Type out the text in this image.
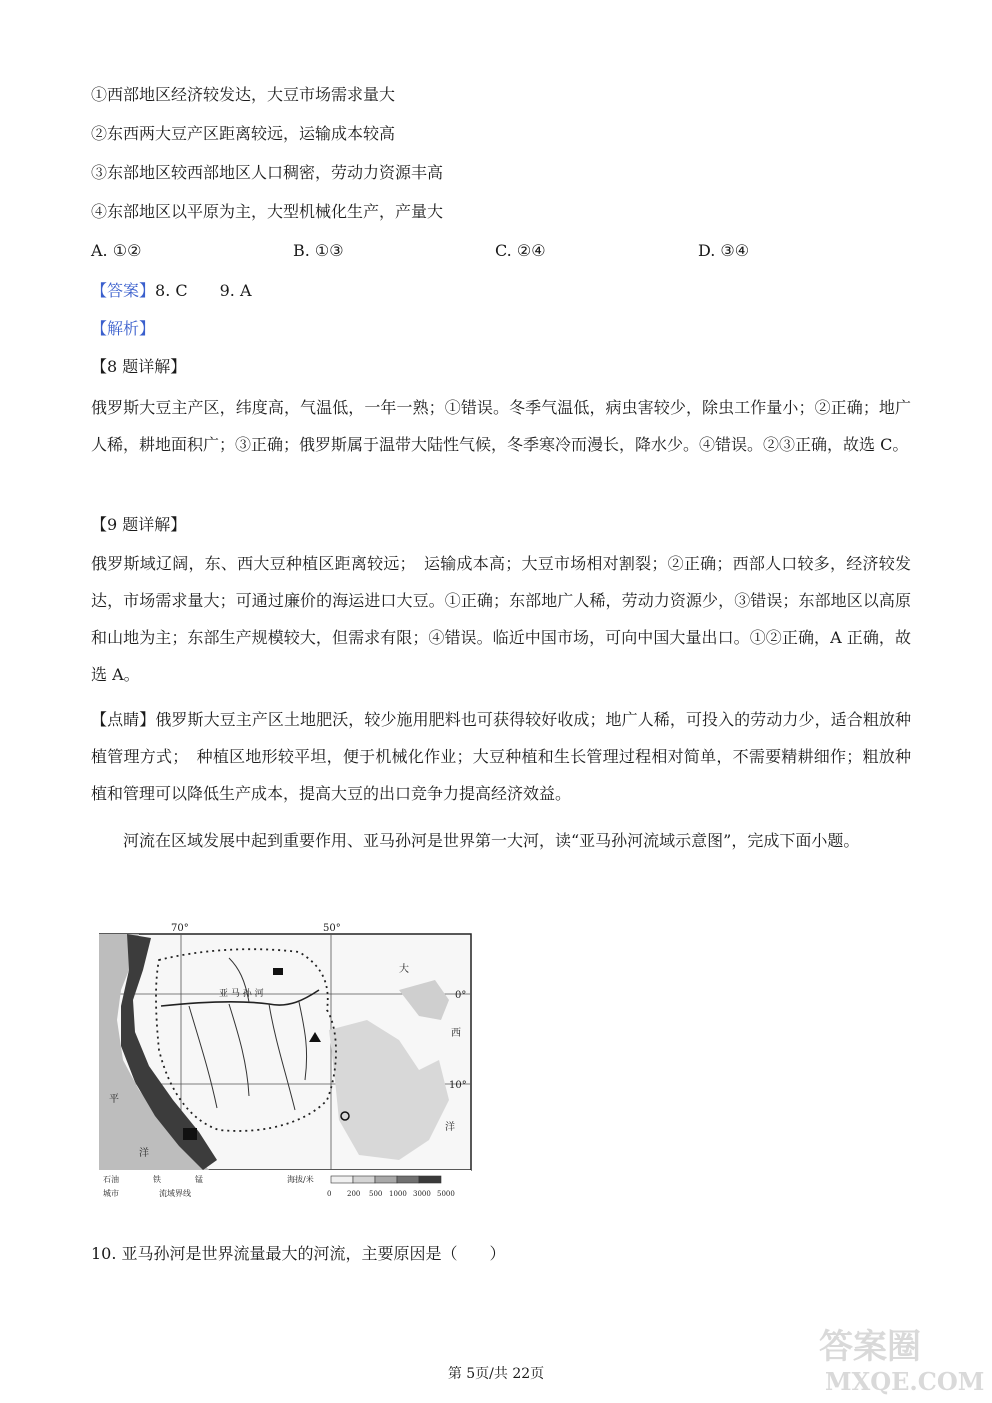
①西部地区经济较发达，大豆市场需求量大
②东西两大豆产区距离较远，运输成本较高
③东部地区较西部地区人口稠密，劳动力资源丰高
④东部地区以平原为主，大型机械化生产，产量大
A. ①②	B. ①③	C. ②④	D. ③④
【答案】8. C　　9. A
【解析】
【8 题详解】
俄罗斯大豆主产区，纬度高，气温低，一年一熟；①错误。冬季气温低，病虫害较少，除虫工作量小；②正确；地广人稀，耕地面积广；③正确；俄罗斯属于温带大陆性气候，冬季寒冷而漫长，降水少。④错误。②③正确，故选 C。
【9 题详解】
俄罗斯域辽阔，东、西大豆种植区距离较远；　运输成本高；大豆市场相对割裂；②正确；西部人口较多，经济较发达，市场需求量大；可通过廉价的海运进口大豆。①正确；东部地广人稀，劳动力资源少，③错误；东部地区以高原和山地为主；东部生产规模较大，但需求有限；④错误。临近中国市场，可向中国大量出口。①②正确，A 正确，故选 A。
【点睛】俄罗斯大豆主产区土地肥沃，较少施用肥料也可获得较好收成；地广人稀，可投入的劳动力少，适合粗放种植管理方式；　种植区地形较平坦，便于机械化作业；大豆种植和生长管理过程相对简单，不需要精耕细作；粗放种植和管理可以降低生产成本，提高大豆的出口竞争力提高经济效益。
河流在区域发展中起到重要作用、亚马孙河是世界第一大河，读“亚马孙河流域示意图”，完成下面小题。
70°	50°
0°
10°
大
西
洋
平
洋
亚 马 孙 河
石油	铁	锰
城市	流域界线
海拔/米
0 200 500 1000 3000 5000
10. 亚马孙河是世界流量最大的河流，主要原因是（　　）
第 5页/共 22页
答案圈
MXQE.COM
